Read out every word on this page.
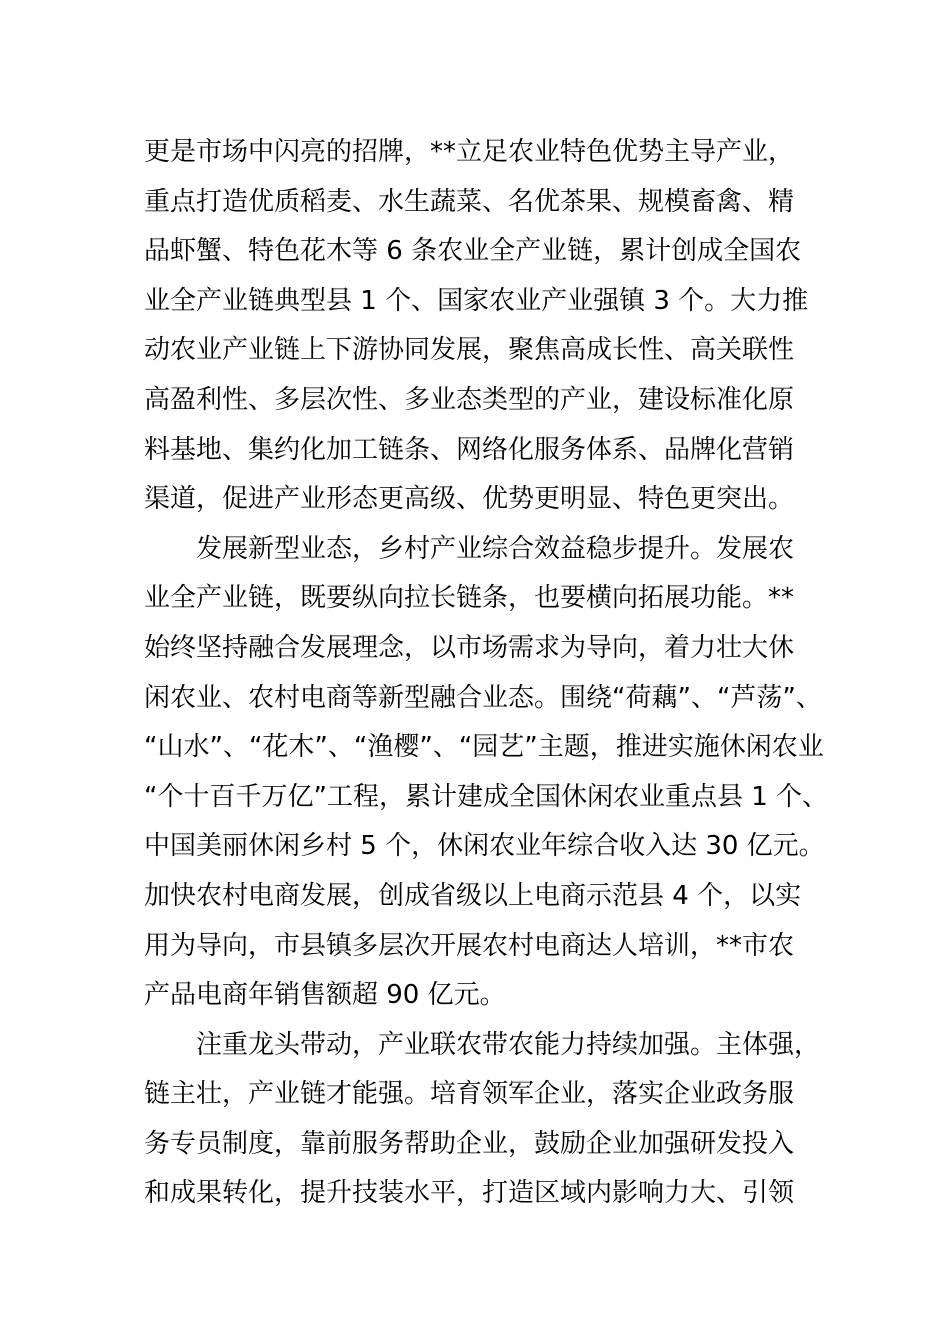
更是市场中闪亮的招牌，**立足农业特色优势主导产业，
重点打造优质稻麦、水生蔬菜、名优茶果、规模畜禽、精
品虾蟹、特色花木等 6 条农业全产业链，累计创成全国农
业全产业链典型县 1 个、国家农业产业强镇 3 个。大力推
动农业产业链上下游协同发展，聚焦高成长性、高关联性
高盈利性、多层次性、多业态类型的产业，建设标准化原
料基地、集约化加工链条、网络化服务体系、品牌化营销
渠道，促进产业形态更高级、优势更明显、特色更突出。
发展新型业态，乡村产业综合效益稳步提升。发展农
业全产业链，既要纵向拉长链条，也要横向拓展功能。**
始终坚持融合发展理念，以市场需求为导向，着力壮大休
闲农业、农村电商等新型融合业态。围绕“荷藕”、“芦荡”、
“山水”、“花木”、“渔樱”、“园艺”主题，推进实施休闲农业
“个十百千万亿”工程，累计建成全国休闲农业重点县 1 个、
中国美丽休闲乡村 5 个，休闲农业年综合收入达 30 亿元。
加快农村电商发展，创成省级以上电商示范县 4 个，以实
用为导向，市县镇多层次开展农村电商达人培训，**市农
产品电商年销售额超 90 亿元。
注重龙头带动，产业联农带农能力持续加强。主体强，
链主壮，产业链才能强。培育领军企业，落实企业政务服
务专员制度，靠前服务帮助企业，鼓励企业加强研发投入
和成果转化，提升技装水平，打造区域内影响力大、引领
